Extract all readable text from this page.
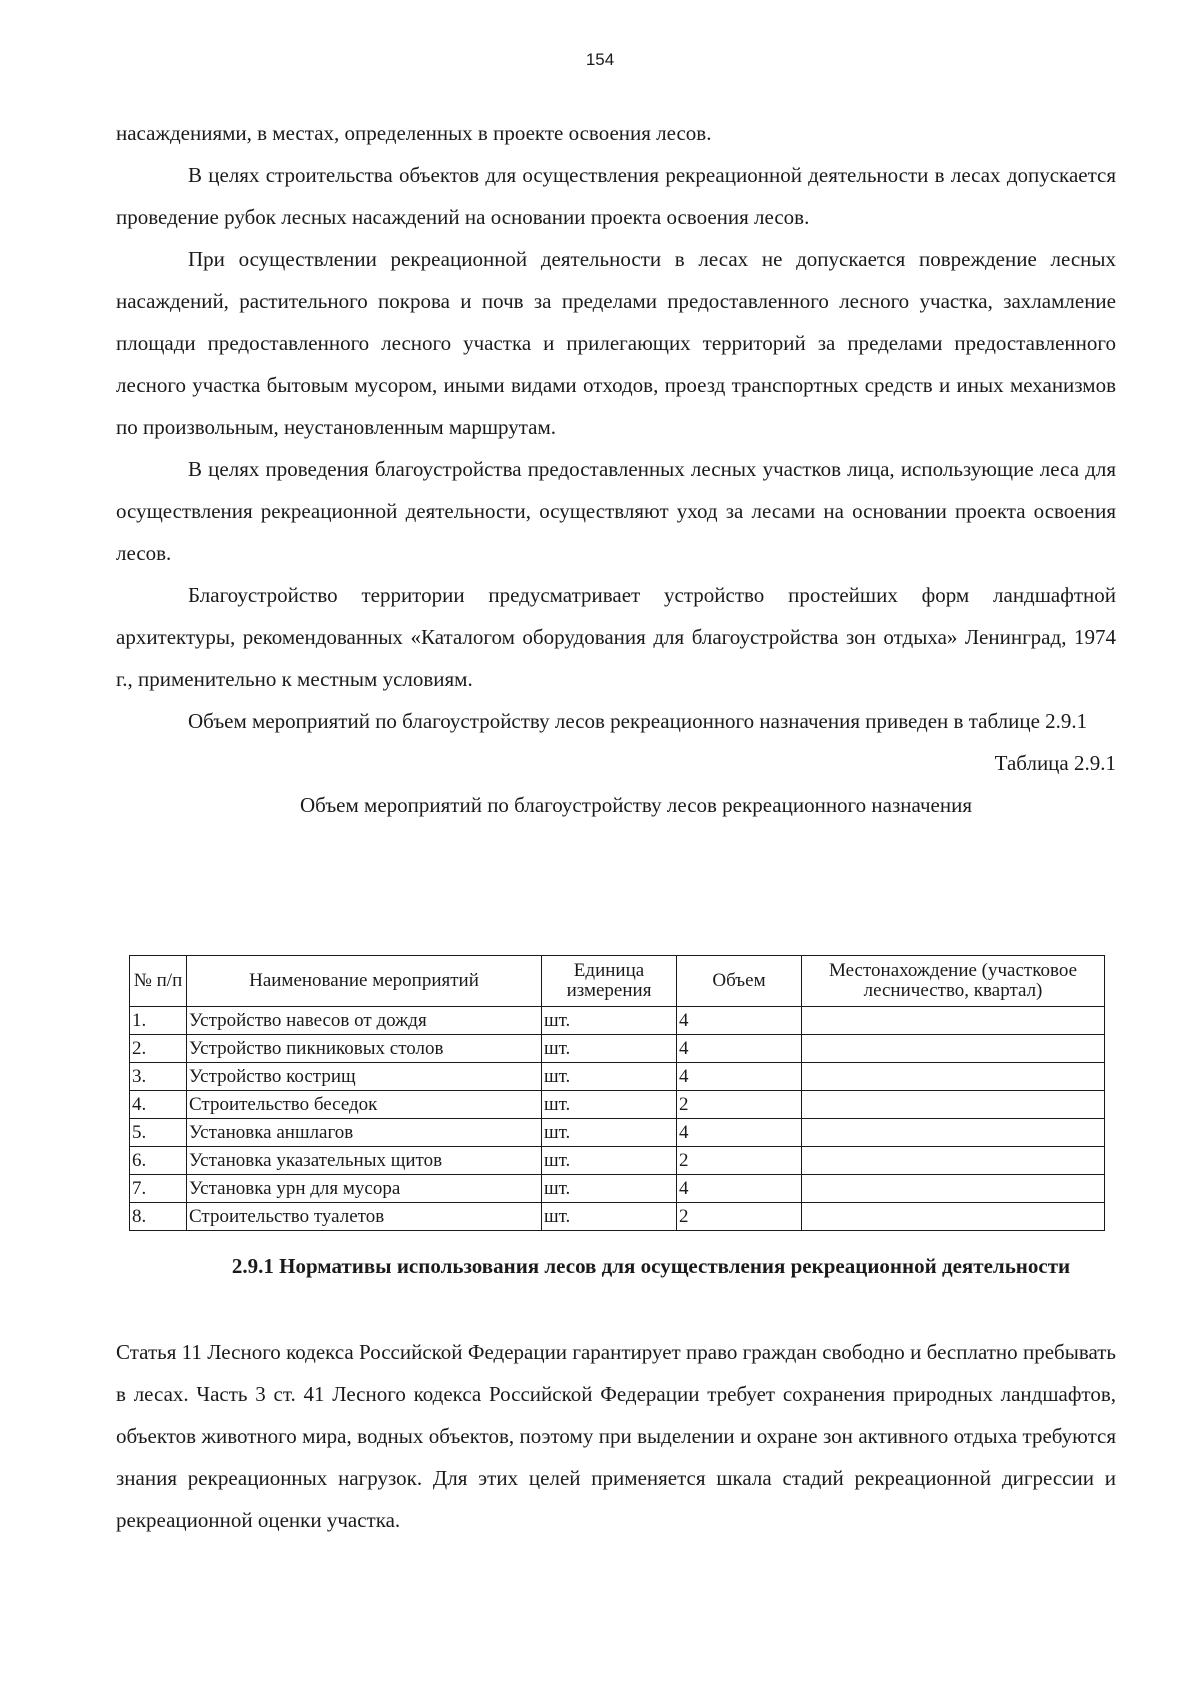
154

насаждениями, в местах, определенных в проекте освоения лесов.

В целях строительства объектов для осуществления рекреационной деятельности в лесах допускается проведение рубок лесных насаждений на основании проекта освоения лесов.

При осуществлении рекреационной деятельности в лесах не допускается повреждение лесных насаждений, растительного покрова и почв за пределами предоставленного лесного участка, захламление площади предоставленного лесного участка и прилегающих территорий за пределами предоставленного лесного участка бытовым мусором, иными видами отходов, проезд транспортных средств и иных механизмов по произвольным, неустановленным маршрутам.

В целях проведения благоустройства предоставленных лесных участков лица, использующие леса для осуществления рекреационной деятельности, осуществляют уход за лесами на основании проекта освоения лесов.

Благоустройство территории предусматривает устройство простейших форм ландшафтной архитектуры, рекомендованных «Каталогом оборудования для благоустройства зон отдыха» Ленинград, 1974 г., применительно к местным условиям.

Объем мероприятий по благоустройству лесов рекреационного назначения приведен в таблице 2.9.1

Таблица 2.9.1

Объем мероприятий по благоустройству лесов рекреационного назначения

№ п/п	Наименование мероприятий	Единица измерения	Объем	Местонахождение (участковое лесничество, квартал)
1.	Устройство навесов от дождя	шт.	4	
2.	Устройство пикниковых столов	шт.	4	
3.	Устройство кострищ	шт.	4	
4.	Строительство беседок	шт.	2	
5.	Установка аншлагов	шт.	4	
6.	Установка указательных щитов	шт.	2	
7.	Установка урн для мусора	шт.	4	
8.	Строительство туалетов	шт.	2	
2.9.1 Нормативы использования лесов для осуществления рекреационной деятельности

Статья 11 Лесного кодекса Российской Федерации гарантирует право граждан свободно и бесплатно пребывать в лесах. Часть 3 ст. 41 Лесного кодекса Российской Федерации требует сохранения природных ландшафтов, объектов животного мира, водных объектов, поэтому при выделении и охране зон активного отдыха требуются знания рекреационных нагрузок. Для этих целей применяется шкала стадий рекреационной дигрессии и рекреационной оценки участка.
